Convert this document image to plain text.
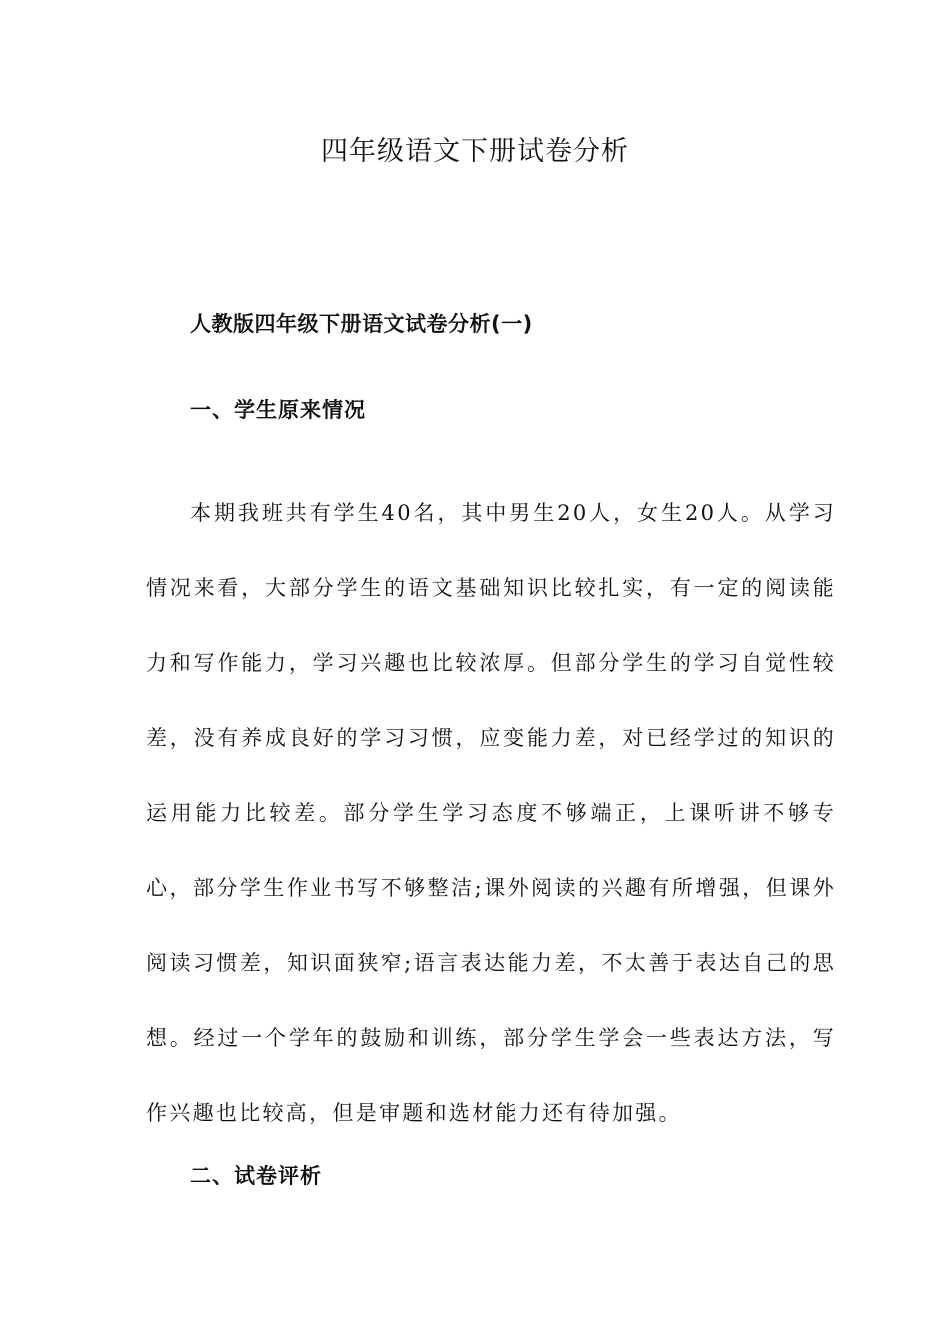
四年级语文下册试卷分析
人教版四年级下册语文试卷分析(一)
一、学生原来情况

本期我班共有学生40名，其中男生20人，女生20人。从学习情况来看，大部分学生的语文基础知识比较扎实，有一定的阅读能力和写作能力，学习兴趣也比较浓厚。但部分学生的学习自觉性较差，没有养成良好的学习习惯，应变能力差，对已经学过的知识的运用能力比较差。部分学生学习态度不够端正，上课听讲不够专心，部分学生作业书写不够整洁;课外阅读的兴趣有所增强，但课外阅读习惯差，知识面狭窄;语言表达能力差，不太善于表达自己的思想。经过一个学年的鼓励和训练，部分学生学会一些表达方法，写作兴趣也比较高，但是审题和选材能力还有待加强。

二、试卷评析
